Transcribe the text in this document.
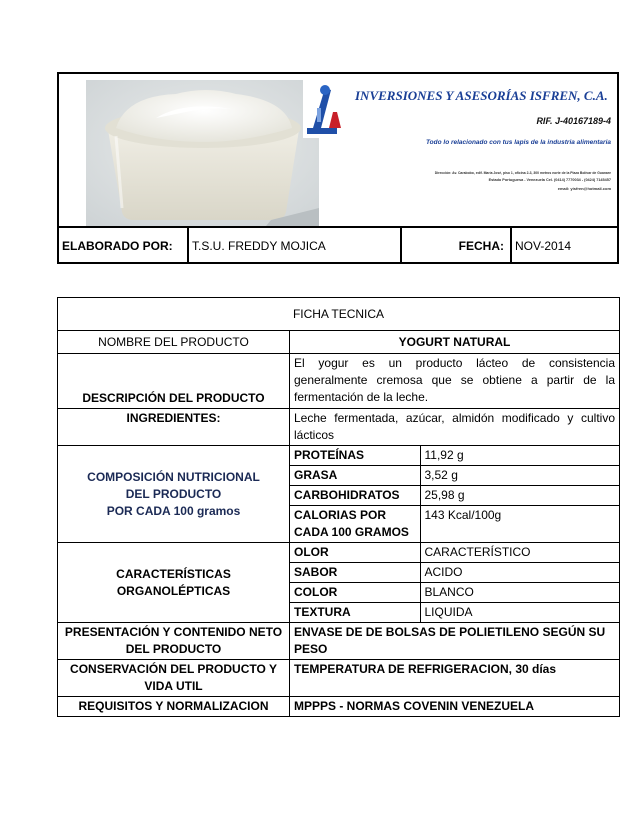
INVERSIONES Y ASESORÍAS ISFREN, C.A.
RIF. J-40167189-4
Todo lo relacionado con tus lapis de la industria alimentaria
Dirección: Av. Carabobo, edif. María José, piso 1, oficina 2-3, 300 metros norte de la Plaza Bolívar de Guanare
Estado Portuguesa - Venezuela Cel. (0414) 7770034 - (0424) 7145457
email: yisfren@hotmail.com
ELABORADO POR:	T.S.U. FREDDY MOJICA	FECHA: NOV-2014
FICHA TECNICA
NOMBRE DEL PRODUCTO	YOGURT NATURAL
DESCRIPCIÓN DEL PRODUCTO	El yogur es un producto lácteo de consistencia generalmente cremosa que se obtiene a partir de la fermentación de la leche.
INGREDIENTES:	Leche fermentada, azúcar, almidón modificado y cultivo lácticos

COMPOSICIÓN NUTRICIONAL
DEL PRODUCTO
POR CADA 100 gramos

PROTEÍNAS	11,92 g
GRASA	3,52 g
CARBOHIDRATOS	25,98 g
CALORIAS POR CADA 100 GRAMOS	143 Kcal/100g

CARACTERÍSTICAS ORGANOLÉPTICAS	
OLOR	CARACTERÍSTICO
SABOR	ACIDO
COLOR	BLANCO
TEXTURA	LIQUIDA

PRESENTACIÓN Y CONTENIDO NETO DEL PRODUCTO	ENVASE DE DE BOLSAS DE POLIETILENO SEGÚN SU PESO
CONSERVACIÓN DEL PRODUCTO Y VIDA UTIL	TEMPERATURA DE REFRIGERACION, 30 días
REQUISITOS Y NORMALIZACION	MPPPS - NORMAS COVENIN VENEZUELA
